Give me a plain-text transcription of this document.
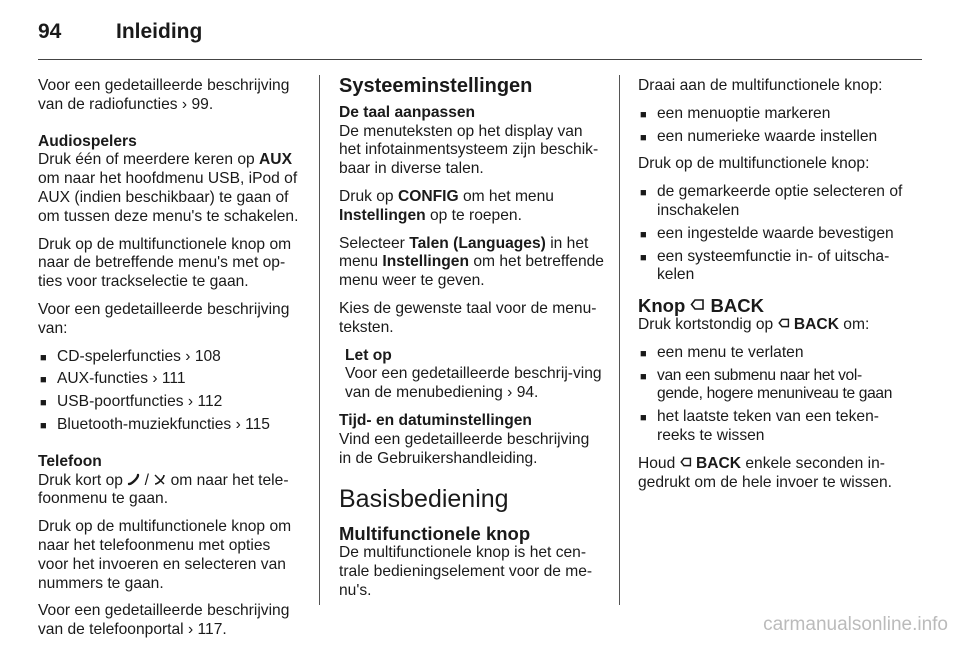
94	Inleiding

Voor een gedetailleerde beschrijving van de radiofuncties › 99.

Audiospelers

Druk één of meerdere keren op AUX om naar het hoofdmenu USB, iPod of AUX (indien beschikbaar) te gaan of om tussen deze menu's te schakelen.

Druk op de multifunctionele knop om naar de betreffende menu's met op-ties voor trackselectie te gaan.

Voor een gedetailleerde beschrijving van:

■ CD-spelerfuncties › 108
■ AUX-functies › 111
■ USB-poortfuncties › 112
■ Bluetooth-muziekfuncties › 115
Telefoon

Druk kort op  /  om naar het tele-foonmenu te gaan.

Druk op de multifunctionele knop om naar het telefoonmenu met opties voor het invoeren en selecteren van nummers te gaan.

Voor een gedetailleerde beschrijving van de telefoonportal › 117.

Systeeminstellingen
De taal aanpassen

De menuteksten op het display van het infotainmentsysteem zijn beschik-baar in diverse talen.

Druk op CONFIG om het menu Instellingen op te roepen.

Selecteer Talen (Languages) in het menu Instellingen om het betreffende menu weer te geven.

Kies de gewenste taal voor de menu-teksten.

Let op
Voor een gedetailleerde beschrij-ving van de menubediening › 94.
Tijd- en datuminstellingen

Vind een gedetailleerde beschrijving in de Gebruikershandleiding.

Basisbediening
Multifunctionele knop

De multifunctionele knop is het cen-trale bedieningselement voor de me-nu's.

Draai aan de multifunctionele knop:

■ een menuoptie markeren
■ een numerieke waarde instellen

Druk op de multifunctionele knop:

■ de gemarkeerde optie selecteren of inschakelen
■ een ingestelde waarde bevestigen
■ een systeemfunctie in- of uitscha-kelen
Knop BACK

Druk kortstondig op BACK om:

■ een menu te verlaten
■ van een submenu naar het vol-gende, hogere menuniveau te gaan
■ het laatste teken van een teken-reeks te wissen

Houd BACK enkele seconden in-gedrukt om de hele invoer te wissen.

carmanualsonline.info
